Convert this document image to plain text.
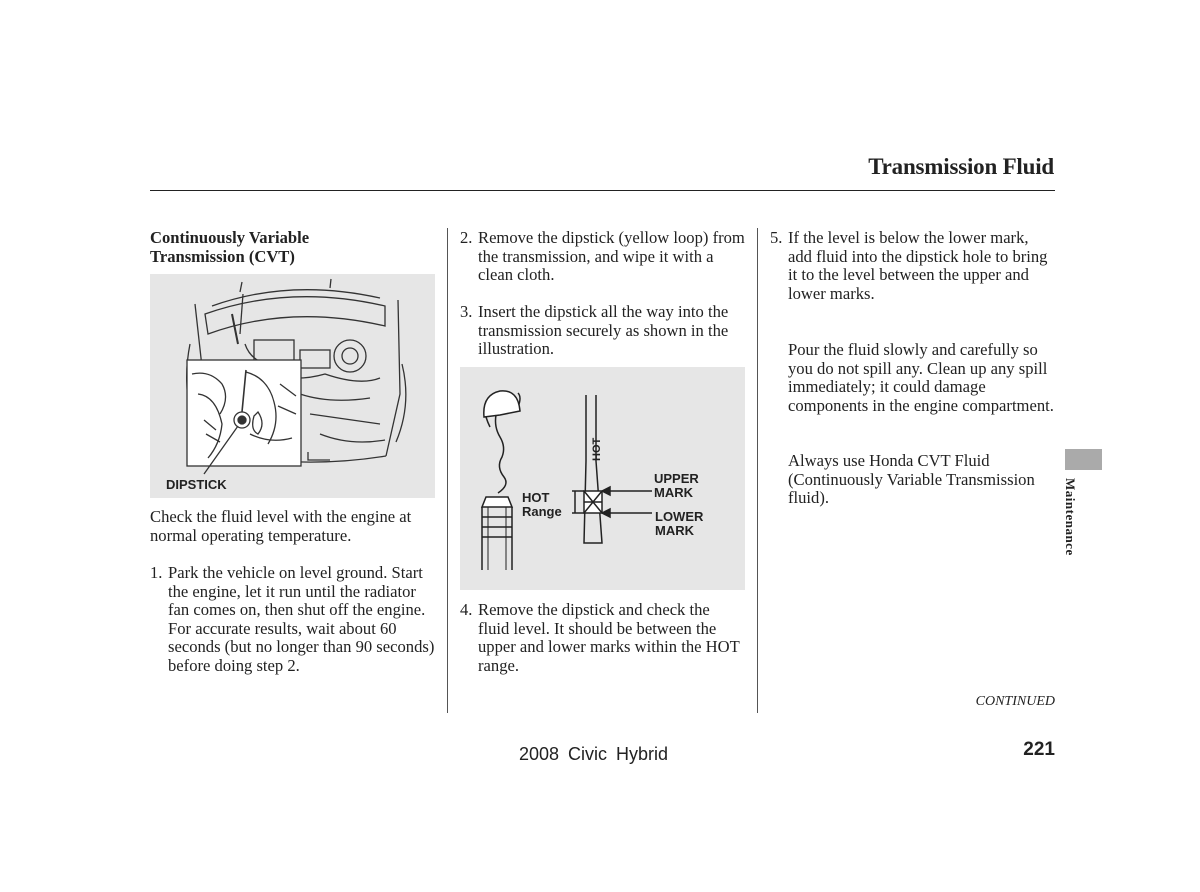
Transmission Fluid
Continuously Variable
Transmission (CVT)
DIPSTICK
Check the fluid level with the engine at normal operating temperature.
1. Park the vehicle on level ground. Start the engine, let it run until the radiator fan comes on, then shut off the engine. For accurate results, wait about 60 seconds (but no longer than 90 seconds) before doing step 2.
2. Remove the dipstick (yellow loop) from the transmission, and wipe it with a clean cloth.
3. Insert the dipstick all the way into the transmission securely as shown in the illustration.
HOT
HOT
Range
UPPER
MARK
LOWER
MARK
4. Remove the dipstick and check the fluid level. It should be between the upper and lower marks within the HOT range.
5. If the level is below the lower mark, add fluid into the dipstick hole to bring it to the level between the upper and lower marks.
Pour the fluid slowly and carefully so you do not spill any. Clean up any spill immediately; it could damage components in the engine compartment.
Always use Honda CVT Fluid (Continuously Variable Transmission fluid).	Maintenance
CONTINUED
2008 Civic Hybrid	221
